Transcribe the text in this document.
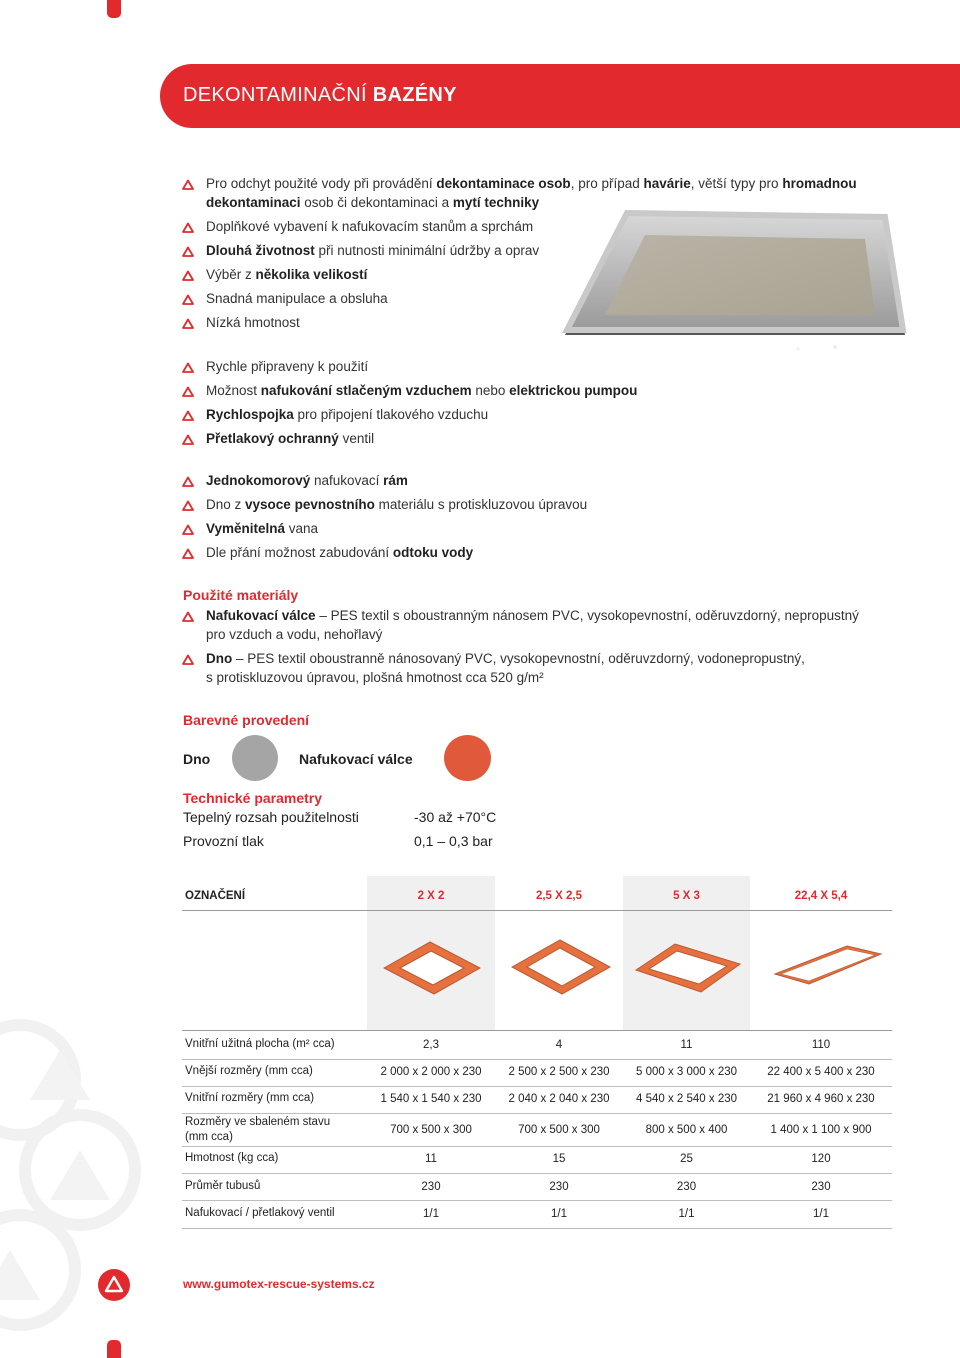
DEKONTAMINAČNÍ BAZÉNY
Pro odchyt použité vody při provádění dekontaminace osob, pro případ havárie, větší typy pro hromadnou
dekontaminaci osob či dekontaminaci a mytí techniky
Doplňkové vybavení k nafukovacím stanům a sprchám
Dlouhá životnost při nutnosti minimální údržby a oprav
Výběr z několika velikostí
Snadná manipulace a obsluha
Nízká hmotnost
Rychle připraveny k použití
Možnost nafukování stlačeným vzduchem nebo elektrickou pumpou
Rychlospojka pro připojení tlakového vzduchu
Přetlakový ochranný ventil
Jednokomorový nafukovací rám
Dno z vysoce pevnostního materiálu s protiskluzovou úpravou
Vyměnitelná vana
Dle přání možnost zabudování odtoku vody
Použité materiály
Nafukovací válce – PES textil s oboustranným nánosem PVC, vysokopevnostní, oděruvzdorný, nepropustný
pro vzduch a vodu, nehořlavý
Dno – PES textil oboustranně nánosovaný PVC, vysokopevnostní, oděruvzdorný, vodonepropustný,
s protiskluzovou úpravou, plošná hmotnost cca 520 g/m²
Barevné provedení
Dno	Nafukovací válce
Technické parametry
Tepelný rozsah použitelnosti	-30 až +70°C
Provozní tlak	0,1 – 0,3 bar
OZNAČENÍ	2 X 2	2,5 X 2,5	5 X 3	22,4 X 5,4
Vnitřní užitná plocha (m² cca)	2,3	4	11	110
Vnější rozměry (mm cca)	2 000 x 2 000 x 230	2 500 x 2 500 x 230	5 000 x 3 000 x 230	22 400 x 5 400 x 230
Vnitřní rozměry (mm cca)	1 540 x 1 540 x 230	2 040 x 2 040 x 230	4 540 x 2 540 x 230	21 960 x 4 960 x 230
Rozměry ve sbaleném stavu
(mm cca)
700 x 500 x 300	700 x 500 x 300	800 x 500 x 400	1 400 x 1 100 x 900
Hmotnost (kg cca)	11	15	25	120
Průměr tubusů	230	230	230	230
Nafukovací / přetlakový ventil	1/1	1/1	1/1	1/1
www.gumotex-rescue-systems.cz
